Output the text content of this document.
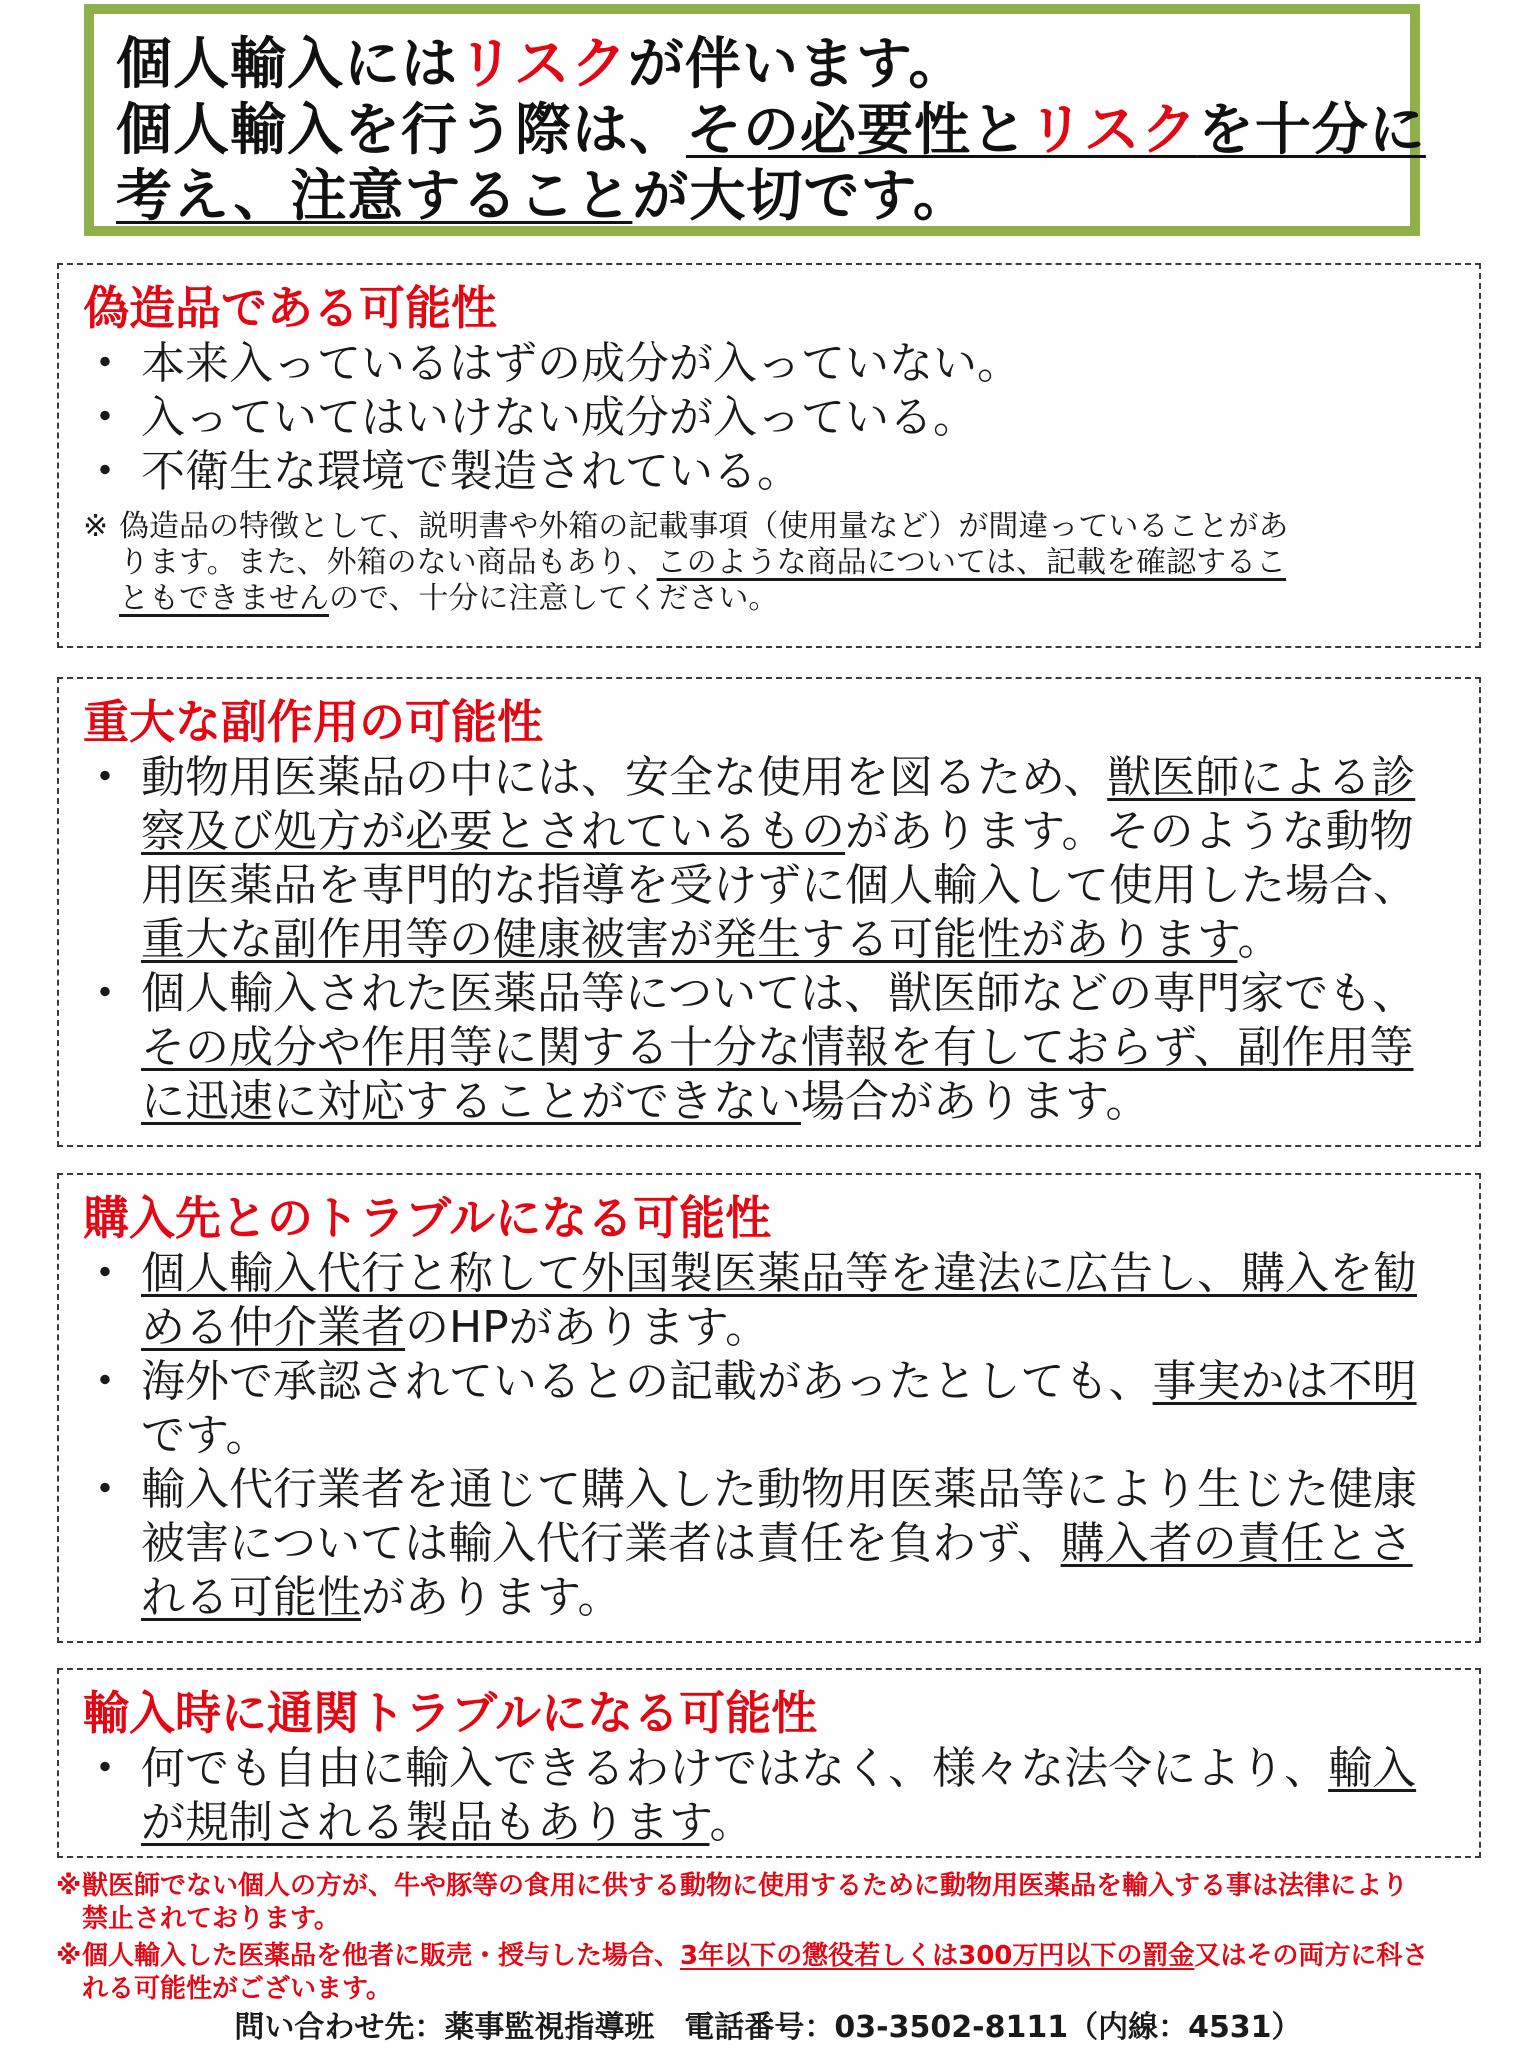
個人輸入にはリスクが伴います。
個人輸入を行う際は、その必要性とリスクを十分に
考え、注意することが大切です。
偽造品である可能性
・ 本来入っているはずの成分が入っていない。
・ 入っていてはいけない成分が入っている。
・ 不衛生な環境で製造されている。
※ 偽造品の特徴として、説明書や外箱の記載事項（使用量など）が間違っていることがあ
ります。また、外箱のない商品もあり、このような商品については、記載を確認するこ
ともできませんので、十分に注意してください。
重大な副作用の可能性
・ 動物用医薬品の中には、安全な使用を図るため、獣医師による診
察及び処方が必要とされているものがあります。そのような動物
用医薬品を専門的な指導を受けずに個人輸入して使用した場合、
重大な副作用等の健康被害が発生する可能性があります。
・ 個人輸入された医薬品等については、獣医師などの専門家でも、
その成分や作用等に関する十分な情報を有しておらず、副作用等
に迅速に対応することができない場合があります。
購入先とのトラブルになる可能性
・ 個人輸入代行と称して外国製医薬品等を違法に広告し、購入を勧
める仲介業者のHPがあります。
・ 海外で承認されているとの記載があったとしても、事実かは不明
です。
・ 輸入代行業者を通じて購入した動物用医薬品等により生じた健康
被害については輸入代行業者は責任を負わず、購入者の責任とさ
れる可能性があります。
輸入時に通関トラブルになる可能性
・ 何でも自由に輸入できるわけではなく、様々な法令により、輸入
が規制される製品もあります。
※ 獣医師でない個人の方が、牛や豚等の食用に供する動物に使用するために動物用医薬品を輸入する事は法律により
禁止されております。
※ 個人輸入した医薬品を他者に販売・授与した場合、3年以下の懲役若しくは300万円以下の罰金又はその両方に科さ
れる可能性がございます。
問い合わせ先：薬事監視指導班　電話番号：03-3502-8111（内線：4531）
